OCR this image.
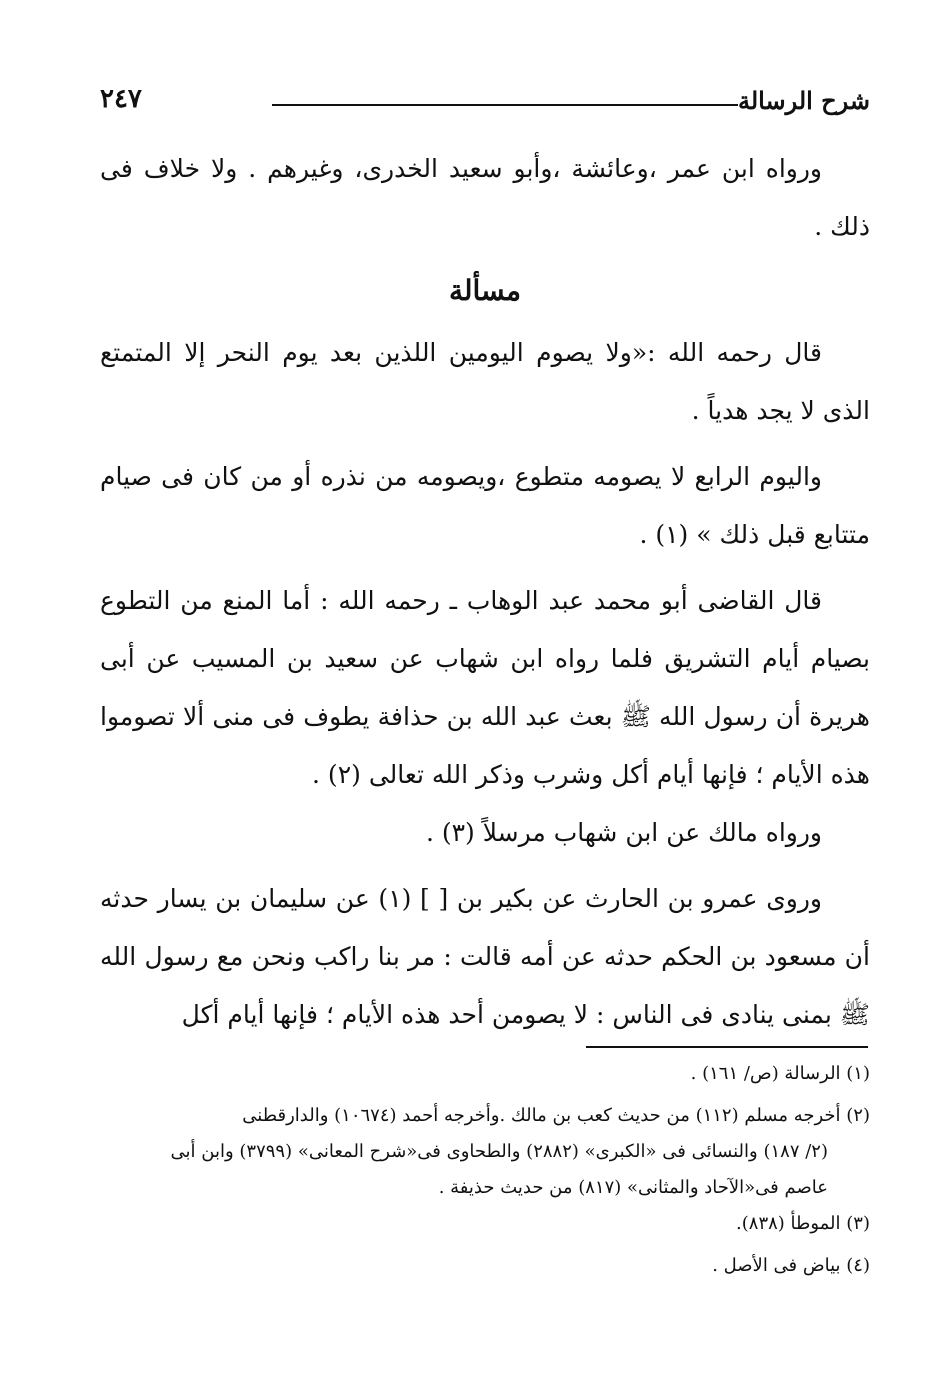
٢٤٧	شرح الرسالة

ورواه ابن عمر ،وعائشة ،وأبو سعيد الخدرى، وغيرهم . ولا خلاف فى ذلك .

مسألة

قال رحمه الله :«ولا يصوم اليومين اللذين بعد يوم النحر إلا المتمتع الذى لا يجد هدياً .

واليوم الرابع لا يصومه متطوع ،ويصومه من نذره أو من كان فى صيام متتابع قبل ذلك » (١) .

قال القاضى أبو محمد عبد الوهاب ـ رحمه الله : أما المنع من التطوع بصيام أيام التشريق فلما رواه ابن شهاب عن سعيد بن المسيب عن أبى هريرة أن رسول الله ﷺ بعث عبد الله بن حذافة يطوف فى منى ألا تصوموا هذه الأيام ؛ فإنها أيام أكل وشرب وذكر الله تعالى (٢) .

ورواه مالك عن ابن شهاب مرسلاً (٣) .

وروى عمرو بن الحارث عن بكير بن [ ] (١) عن سليمان بن يسار حدثه أن مسعود بن الحكم حدثه عن أمه قالت : مر بنا راكب ونحن مع رسول الله ﷺ بمنى ينادى فى الناس : لا يصومن أحد هذه الأيام ؛ فإنها أيام أكل

(١) الرسالة (ص/ ١٦١) .

(٢) أخرجه مسلم (١١٢) من حديث كعب بن مالك .وأخرجه أحمد (١٠٦٧٤) والدارقطنى

(٢/ ١٨٧) والنسائى فى «الكبرى» (٢٨٨٢) والطحاوى فى«شرح المعانى» (٣٧٩٩) وابن أبى

عاصم فى«الآحاد والمثانى» (٨١٧) من حديث حذيفة .

(٣) الموطأ (٨٣٨).

(٤) بياض فى الأصل .
